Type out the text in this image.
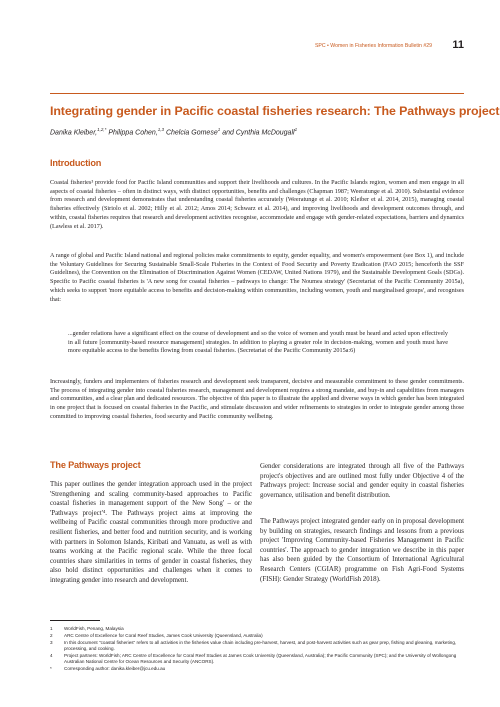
SPC • Women in Fisheries Information Bulletin #29 11
Integrating gender in Pacific coastal fisheries research: The Pathways project
Danika Kleiber,$^{1,2,*}$ Philippa Cohen,$^{1,3}$ Chelcia Gomese$^1$ and Cynthia McDougall$^1$
Introduction

Coastal fisheries³ provide food for Pacific Island communities and support their livelihoods and cultures. In the Pacific Islands region, women and men engage in all aspects of coastal fisheries – often in distinct ways, with distinct opportunities, benefits and challenges (Chapman 1987; Weeratunge et al. 2010). Substantial evidence from research and development demonstrates that understanding coastal fisheries accurately (Weeratunge et al. 2010; Kleiber et al. 2014, 2015), managing coastal fisheries effectively (Siriolo et al. 2002; Hilly et al. 2012; Amos 2014; Schwarz et al. 2014), and improving livelihoods and development outcomes through, and within, coastal fisheries requires that research and development activities recognise, accommodate and engage with gender-related expectations, barriers and dynamics (Lawless et al. 2017).

A range of global and Pacific Island national and regional policies make commitments to equity, gender equality, and women's empowerment (see Box 1), and include the Voluntary Guidelines for Securing Sustainable Small-Scale Fisheries in the Context of Food Security and Poverty Eradication (FAO 2015; henceforth the SSF Guidelines), the Convention on the Elimination of Discrimination Against Women (CEDAW, United Nations 1979), and the Sustainable Development Goals (SDGs). Specific to Pacific coastal fisheries is 'A new song for coastal fisheries – pathways to change: The Noumea strategy' (Secretariat of the Pacific Community 2015a), which seeks to support 'more equitable access to benefits and decision-making within communities, including women, youth and marginalised groups', and recognises that:

...gender relations have a significant effect on the course of development and so the voice of women and youth must be heard and acted upon effectively in all future [community-based resource management] strategies. In addition to playing a greater role in decision-making, women and youth must have more equitable access to the benefits flowing from coastal fisheries. (Secretariat of the Pacific Community 2015a:6)

Increasingly, funders and implementers of fisheries research and development seek transparent, decisive and measurable commitment to these gender commitments. The process of integrating gender into coastal fisheries research, management and development requires a strong mandate, and buy-in and capabilities from managers and communities, and a clear plan and dedicated resources. The objective of this paper is to illustrate the applied and diverse ways in which gender has been integrated in one project that is focused on coastal fisheries in the Pacific, and stimulate discussion and wider refinements to strategies in order to integrate gender among those committed to improving coastal fisheries, food security and Pacific community wellbeing.

The Pathways project

This paper outlines the gender integration approach used in the project 'Strengthening and scaling community-based approaches to Pacific coastal fisheries in management support of the New Song' – or the 'Pathways project'⁴. The Pathways project aims at improving the wellbeing of Pacific coastal communities through more productive and resilient fisheries, and better food and nutrition security, and is working with partners in Solomon Islands, Kiribati and Vanuatu, as well as with teams working at the Pacific regional scale. While the three focal countries share similarities in terms of gender in coastal fisheries, they also hold distinct opportunities and challenges when it comes to integrating gender into research and development.

Gender considerations are integrated through all five of the Pathways project's objectives and are outlined most fully under Objective 4 of the Pathways project: Increase social and gender equity in coastal fisheries governance, utilisation and benefit distribution.

The Pathways project integrated gender early on in proposal development by building on strategies, research findings and lessons from a previous project 'Improving Community-based Fisheries Management in Pacific countries'. The approach to gender integration we describe in this paper has also been guided by the Consortium of International Agricultural Research Centers (CGIAR) programme on Fish Agri-Food Systems (FISH): Gender Strategy (WorldFish 2018).

1	WorldFish, Penang, Malaysia
2	ARC Centre of Excellence for Coral Reef Studies, James Cook University (Queensland, Australia)
3	In this document "coastal fisheries" refers to all activities in the fisheries value chain including pre-harvest, harvest, and post-harvest activities such as gear prep, fishing and gleaning, marketing, processing, and cooking.
4	Project partners: WorldFish; ARC Centre of Excellence for Coral Reef Studies at James Cook University (Queensland, Australia); the Pacific Community (SPC); and the University of Wollongong Australian National Centre for Ocean Resources and Security (ANCORS).
*	Corresponding author: danika.kleiber@jcu.edu.au
